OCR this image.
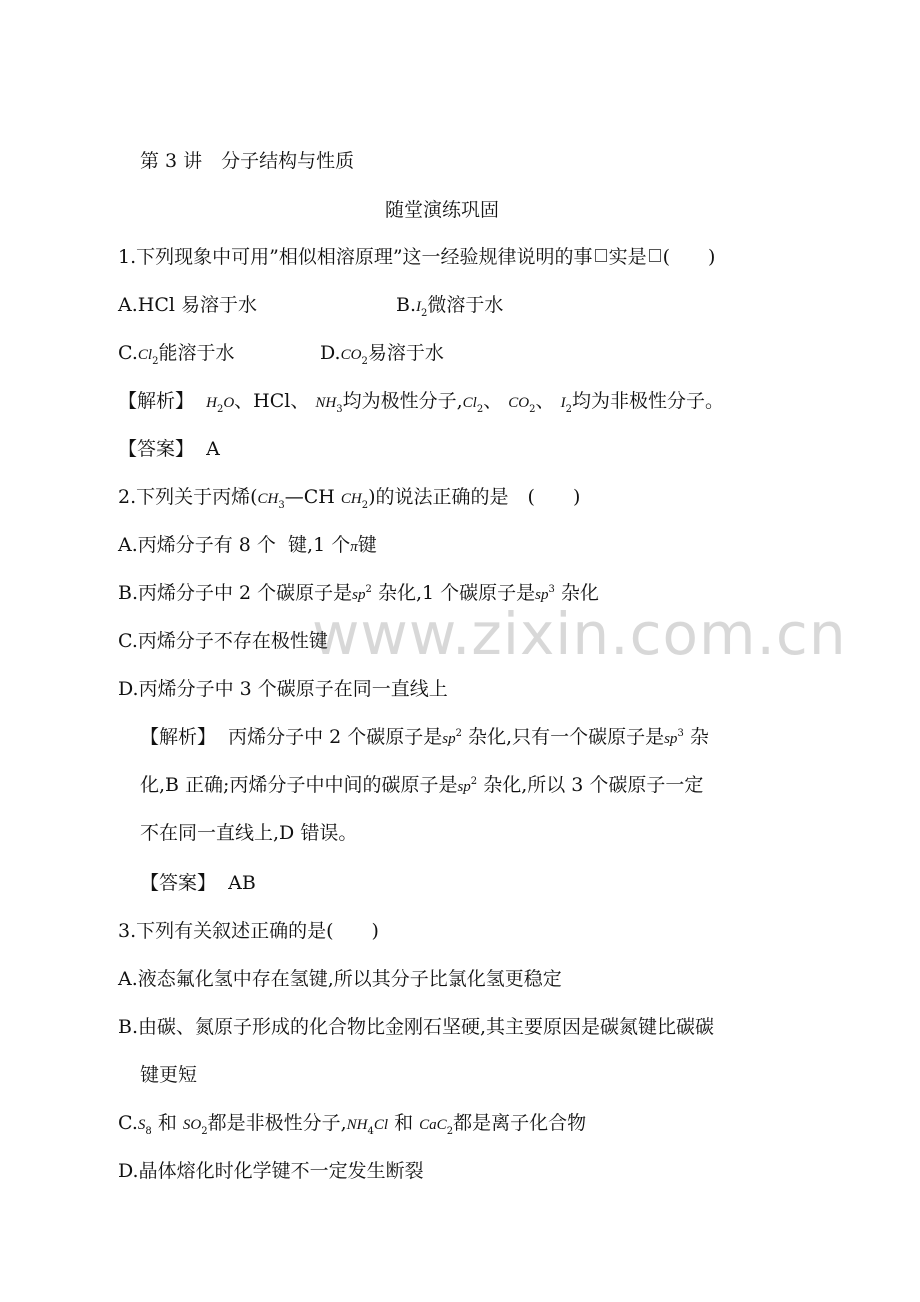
www.zixin.com.cn
第 3 讲　分子结构与性质
随堂演练巩固
1.下列现象中可用”相似相溶原理”这一经验规律说明的事 实是 (　　)
A.HCl 易溶于水	$B.I_2$微溶于水
$C.Cl_2$能溶于水	$D.CO_2$易溶于水
【解析】 $H_2O$、HCl、 $NH_3$均为极性分子$,Cl_2$、 $CO_2$、 $I_2$均为非极性分子。
【答案】 A
2.下列关于丙烯($CH_3—CH$ $CH_2$)的说法正确的是　(　　)
A.丙烯分子有 8 个 键,1 个π键
B.丙烯分子中 2 个碳原子是$sp^2$ 杂化,1 个碳原子是$sp^3$ 杂化
C.丙烯分子不存在极性键
D.丙烯分子中 3 个碳原子在同一直线上
【解析】 丙烯分子中 2 个碳原子是$sp^2$ 杂化,只有一个碳原子是$sp^3$ 杂
化,B 正确;丙烯分子中中间的碳原子是$sp^2$ 杂化,所以 3 个碳原子一定
不在同一直线上,D 错误。
【答案】 AB
3.下列有关叙述正确的是(　　)
A.液态氟化氢中存在氢键,所以其分子比氯化氢更稳定
B.由碳、氮原子形成的化合物比金刚石坚硬,其主要原因是碳氮键比碳碳
键更短
$C.S_8$ 和 $SO_2$都是非极性分子$,NH_4Cl$ 和 CaC$_2$都是离子化合物
D.晶体熔化时化学键不一定发生断裂
